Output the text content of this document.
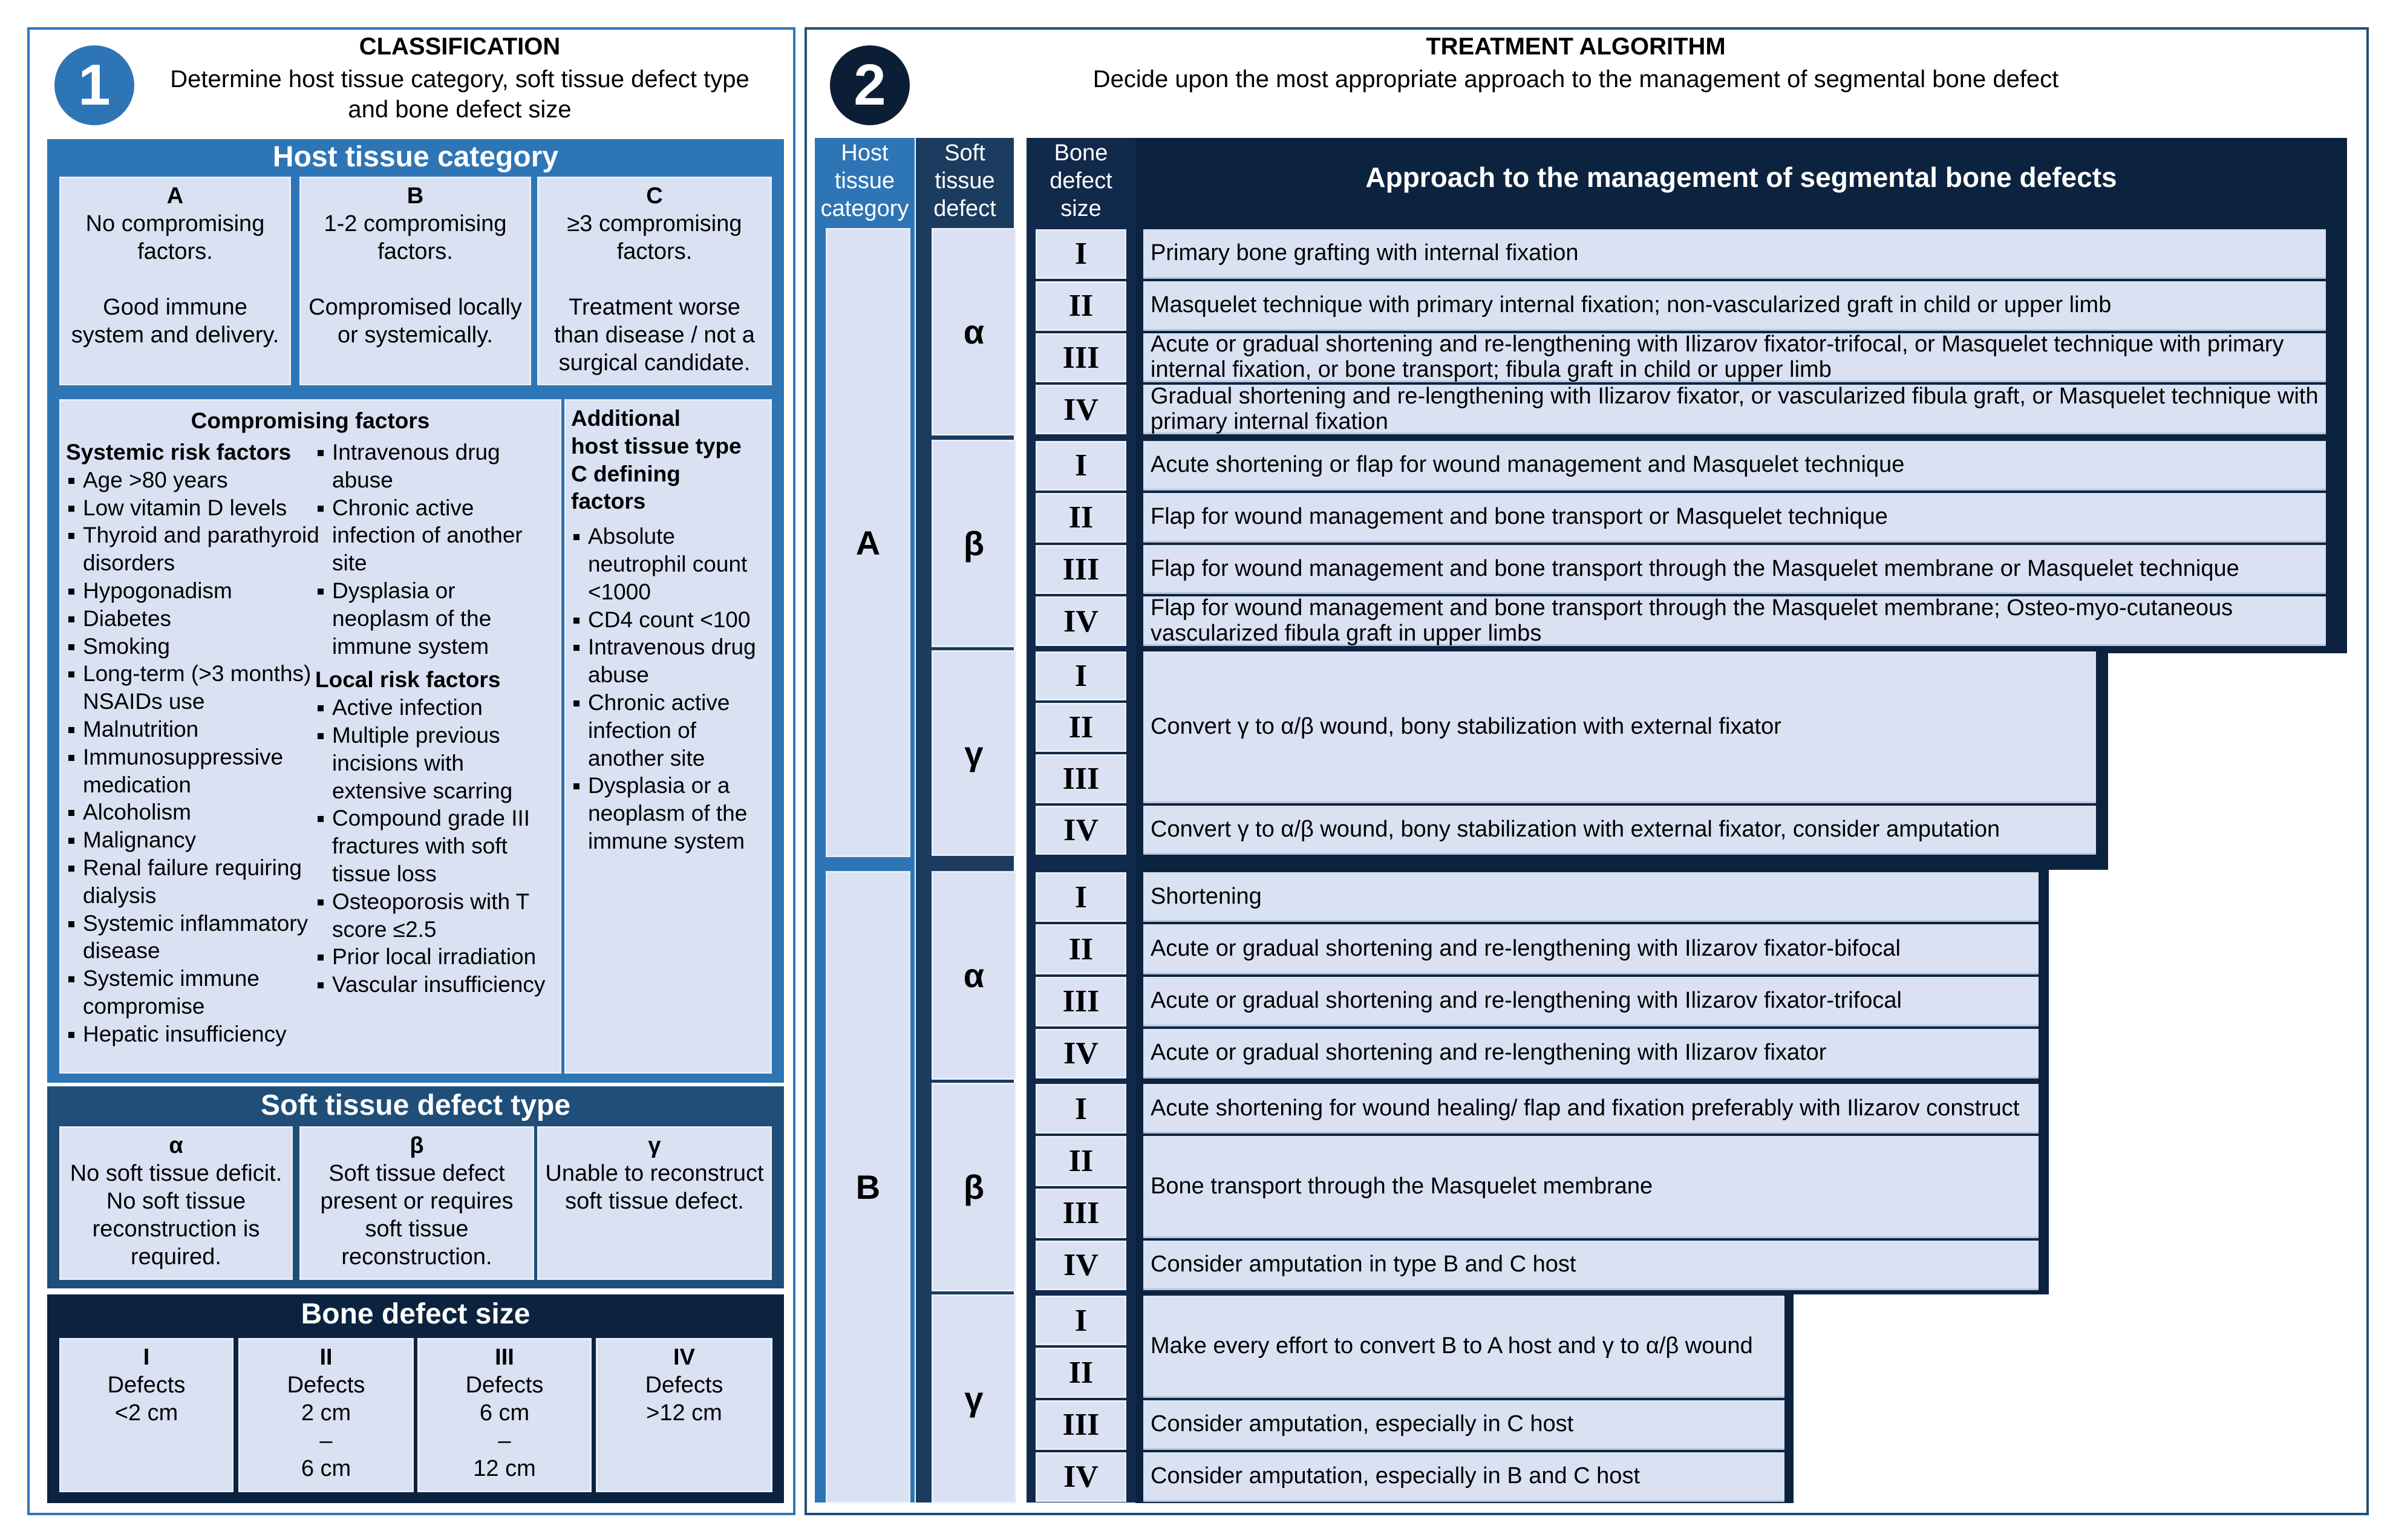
1
CLASSIFICATION
Determine host tissue category, soft tissue defect type
and bone defect size
Host tissue category
A
No compromising
factors.
Good immune
system and delivery.
B
1-2 compromising
factors.
Compromised locally
or systemically.
C
≥3 compromising
factors.
Treatment worse
than disease / not a
surgical candidate.
Compromising factors
Systemic risk factors
Age >80 years
Low vitamin D levels
Thyroid and parathyroid disorders
Hypogonadism
Diabetes
Smoking
Long-term (>3 months) NSAIDs use
Malnutrition
Immunosuppressive medication
Alcoholism
Malignancy
Renal failure requiring dialysis
Systemic inflammatory disease
Systemic immune compromise
Hepatic insufficiency
Intravenous drug abuse
Chronic active infection of another site
Dysplasia or neoplasm of the immune system
Local risk factors
Active infection
Multiple previous incisions with extensive scarring
Compound grade III fractures with soft tissue loss
Osteoporosis with T score ≤2.5
Prior local irradiation
Vascular insufficiency
Additional
host tissue type
C defining
factors
Absolute neutrophil count <1000
CD4 count <100
Intravenous drug abuse
Chronic active infection of another site
Dysplasia or a neoplasm of the immune system
Soft tissue defect type
α
No soft tissue deficit.
No soft tissue
reconstruction is
required.
β
Soft tissue defect
present or requires
soft tissue
reconstruction.
γ
Unable to reconstruct
soft tissue defect.
Bone defect size
I
Defects
<2 cm
II
Defects
2 cm
–
6 cm
III
Defects
6 cm
–
12 cm
IV
Defects
>12 cm
2
TREATMENT ALGORITHM
Decide upon the most appropriate approach to the management of segmental bone defect
Host
tissue
category
Soft
tissue
defect
Bone
defect
size
Approach to the management of segmental bone defects
A
B
α
β
γ
α
β
γ
I
II
III
IV
I
II
III
IV
I
II
III
IV
I
II
III
IV
I
II
III
IV
I
II
III
IV
Primary bone grafting with internal fixation
Masquelet technique with primary internal fixation; non-vascularized graft in child or upper limb
Acute or gradual shortening and re-lengthening with Ilizarov fixator-trifocal, or Masquelet technique with primary internal fixation, or bone transport; fibula graft in child or upper limb
Gradual shortening and re-lengthening with Ilizarov fixator, or vascularized fibula graft, or Masquelet technique with primary internal fixation
Acute shortening or flap for wound management and Masquelet technique
Flap for wound management and bone transport or Masquelet technique
Flap for wound management and bone transport through the Masquelet membrane or Masquelet technique
Flap for wound management and bone transport through the Masquelet membrane; Osteo-myo-cutaneous vascularized fibula graft in upper limbs
Convert γ to α/β wound, bony stabilization with external fixator
Convert γ to α/β wound, bony stabilization with external fixator, consider amputation
Shortening
Acute or gradual shortening and re-lengthening with Ilizarov fixator-bifocal
Acute or gradual shortening and re-lengthening with Ilizarov fixator-trifocal
Acute or gradual shortening and re-lengthening with Ilizarov fixator
Acute shortening for wound healing/ flap and fixation preferably with Ilizarov construct
Bone transport through the Masquelet membrane
Consider amputation in type B and C host
Make every effort to convert B to A host and γ to α/β wound
Consider amputation, especially in C host
Consider amputation, especially in B and C host
